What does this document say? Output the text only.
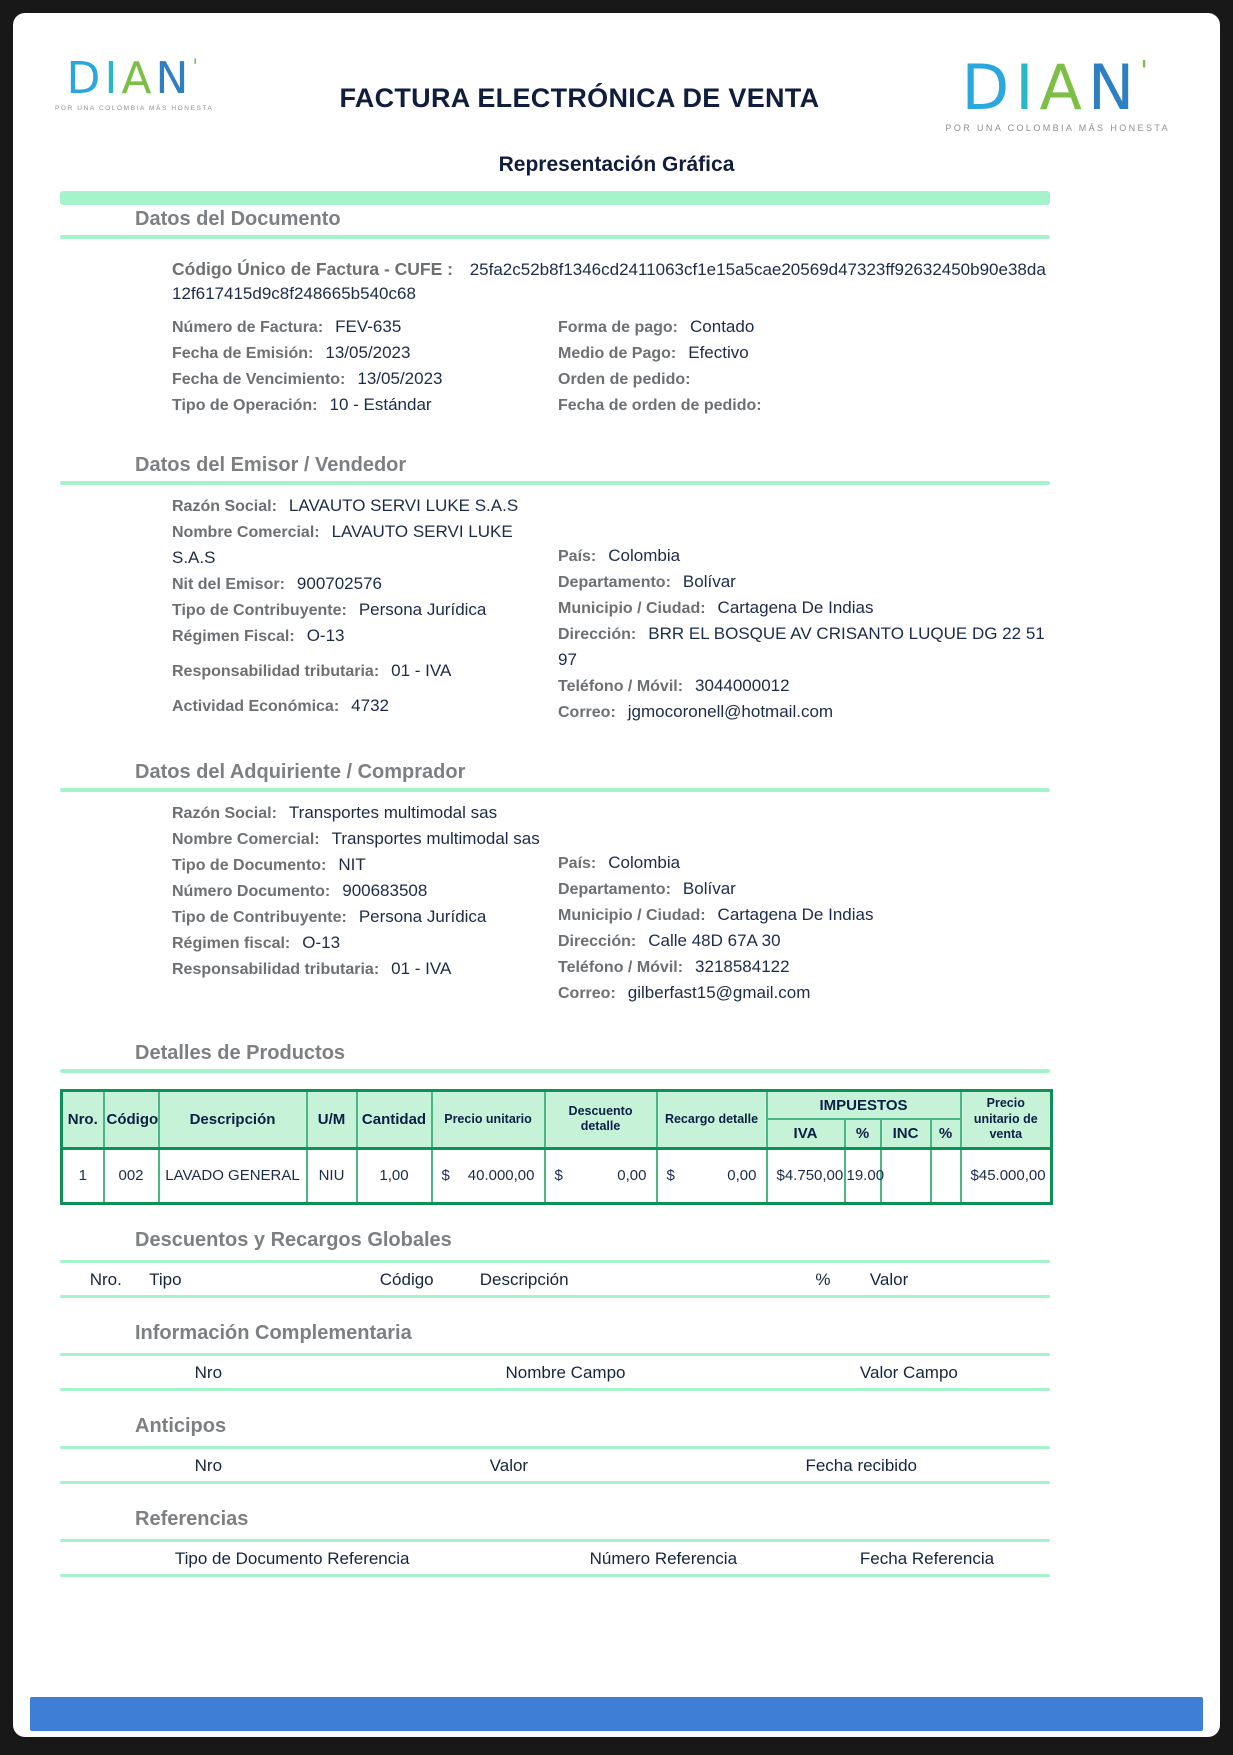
DIAN'
POR UNA COLOMBIA MÁS HONESTA	FACTURA ELECTRÓNICA DE VENTA	DIAN'
POR UNA COLOMBIA MÁS HONESTA
Representación Gráfica
Datos del Documento
Código Único de Factura - CUFE : 25fa2c52b8f1346cd2411063cf1e15a5cae20569d47323ff92632450b90e38da12f617415d9c8f248665b540c68
Número de Factura: FEV-635
Fecha de Emisión: 13/05/2023
Fecha de Vencimiento: 13/05/2023
Tipo de Operación: 10 - Estándar
Forma de pago: Contado
Medio de Pago: Efectivo
Orden de pedido:
Fecha de orden de pedido:
Datos del Emisor / Vendedor
Razón Social: LAVAUTO SERVI LUKE S.A.S
Nombre Comercial: LAVAUTO SERVI LUKE S.A.S
Nit del Emisor: 900702576
Tipo de Contribuyente: Persona Jurídica
Régimen Fiscal: O-13
Responsabilidad tributaria: 01 - IVA
Actividad Económica: 4732
País: Colombia
Departamento: Bolívar
Municipio / Ciudad: Cartagena De Indias
Dirección: BRR EL BOSQUE AV CRISANTO LUQUE DG 22 51 97
Teléfono / Móvil: 3044000012
Correo: jgmocoronell@hotmail.com
Datos del Adquiriente / Comprador
Razón Social: Transportes multimodal sas
Nombre Comercial: Transportes multimodal sas
Tipo de Documento: NIT
Número Documento: 900683508
Tipo de Contribuyente: Persona Jurídica
Régimen fiscal: O-13
Responsabilidad tributaria: 01 - IVA
País: Colombia
Departamento: Bolívar
Municipio / Ciudad: Cartagena De Indias
Dirección: Calle 48D 67A 30
Teléfono / Móvil: 3218584122
Correo: gilberfast15@gmail.com
Detalles de Productos
Nro.	Código	Descripción	U/M	Cantidad	Precio unitario	Descuento detalle	Recargo detalle	IMPUESTOS				Precio unitario de venta
								IVA	%	INC	%	
1	002	LAVADO GENERAL	NIU	1,00	$ 40.000,00	$ 0,00	$ 0,00	$ 4.750,00	19.00			$ 45.000,00
Descuentos y Recargos Globales
Nro. Tipo	Código	Descripción	% Valor
Información Complementaria
Nro	Nombre Campo	Valor Campo
Anticipos
Nro	Valor	Fecha recibido
Referencias
Tipo de Documento Referencia	Número Referencia	Fecha Referencia
